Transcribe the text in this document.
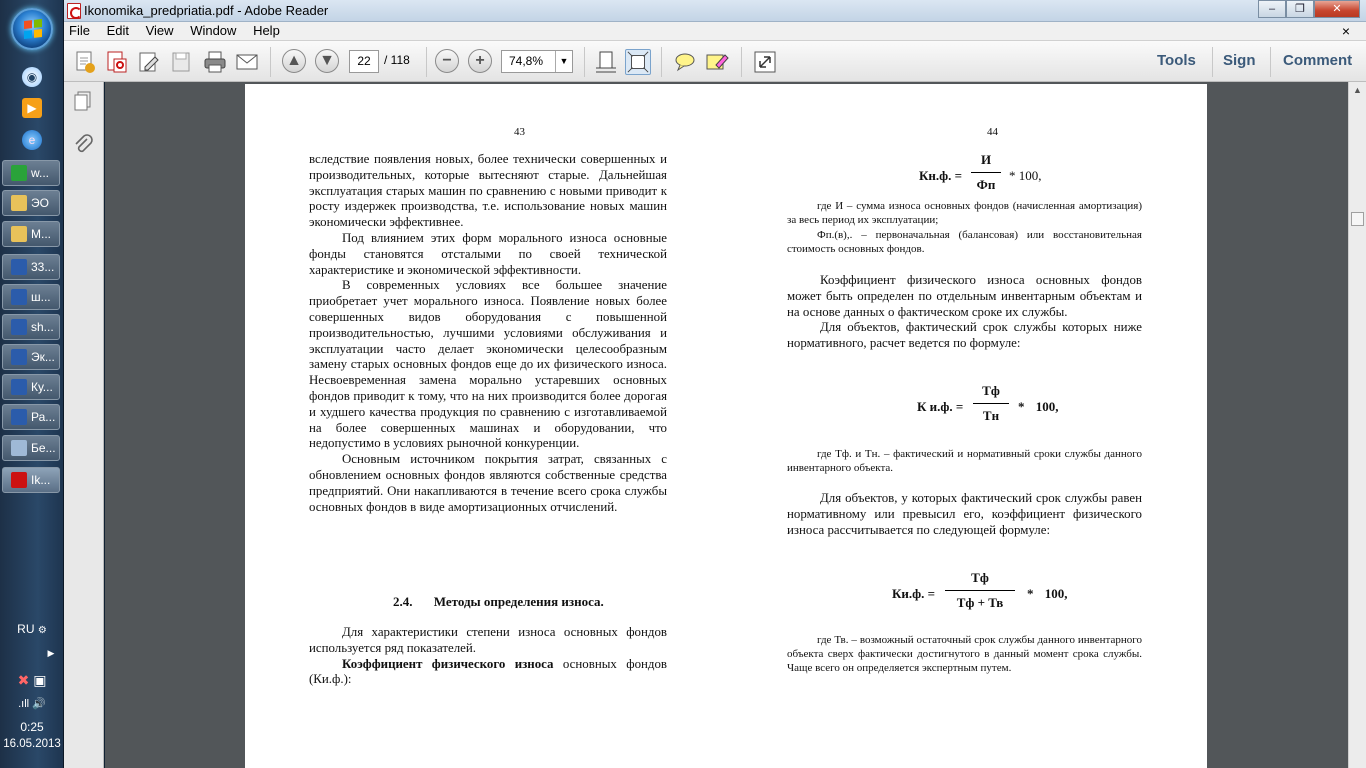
◉
▶
e
w...
ЭО
M...
33...
ш...
sh...
Эк...
Ку...
Ра...
Бе...
Ik...
RU ⚙
▶
✖ ▣
.ıll 🔊
0:25
16.05.2013
Ikonomika_predpriatia.pdf - Adobe Reader	–	❐	✕
File Edit View Window Help	×
▲ ▼	22	/ 118	−	+	74,8%	▼	Tools Sign Comment
▲
43	44

вследствие появления новых, более технически совершенных и производительных, которые вытесняют старые. Дальнейшая эксплуатация старых машин по сравнению с новыми приводит к росту издержек производства, т.е. использование новых машин экономически эффективнее.

Под влиянием этих форм морального износа основные фонды становятся отсталыми по своей технической характеристике и экономической эффективности.

В современных условиях все большее значение приобретает учет морального износа. Появление новых более совершенных видов оборудования с повышенной производительностью, лучшими условиями обслуживания и эксплуатации часто делает экономически целесообразным замену старых основных фондов еще до их физического износа. Несвоевременная замена морально устаревших основных фондов приводит к тому, что на них производится более дорогая и худшего качества продукция по сравнению с изготавливаемой на более совершенных машинах и оборудовании, что недопустимо в условиях рыночной конкуренции.

Основным источником покрытия затрат, связанных с обновлением основных фондов являются собственные средства предприятий. Они накапливаются в течение всего срока службы основных фондов в виде амортизационных отчислений.

2.4. Методы определения износа.

Для характеристики степени износа основных фондов используется ряд показателей.

Коэффициент физического износа основных фондов (Ки.ф.):

Кн.ф. =
И
Фп
* 100,
где И – сумма износа основных фондов (начисленная амортизация) за весь период их эксплуатации;
Фп.(в),. – первоначальная (балансовая) или восстановительная стоимость основных фондов.

Коэффициент физического износа основных фондов может быть определен по отдельным инвентарным объектам и на основе данных о фактическом сроке их службы.

Для объектов, фактический срок службы которых ниже нормативного, расчет ведется по формуле:

К и.ф. =
Тф
Тн
* 100,
где Тф. и Тн. – фактический и нормативный сроки службы данного инвентарного объекта.

Для объектов, у которых фактический срок службы равен нормативному или превысил его, коэффициент физического износа рассчитывается по следующей формуле:

Ки.ф. =
Тф
Тф + Тв
* 100,
где Тв. – возможный остаточный срок службы данного инвентарного объекта сверх фактически достигнутого в данный момент срока службы. Чаще всего он определяется экспертным путем.
